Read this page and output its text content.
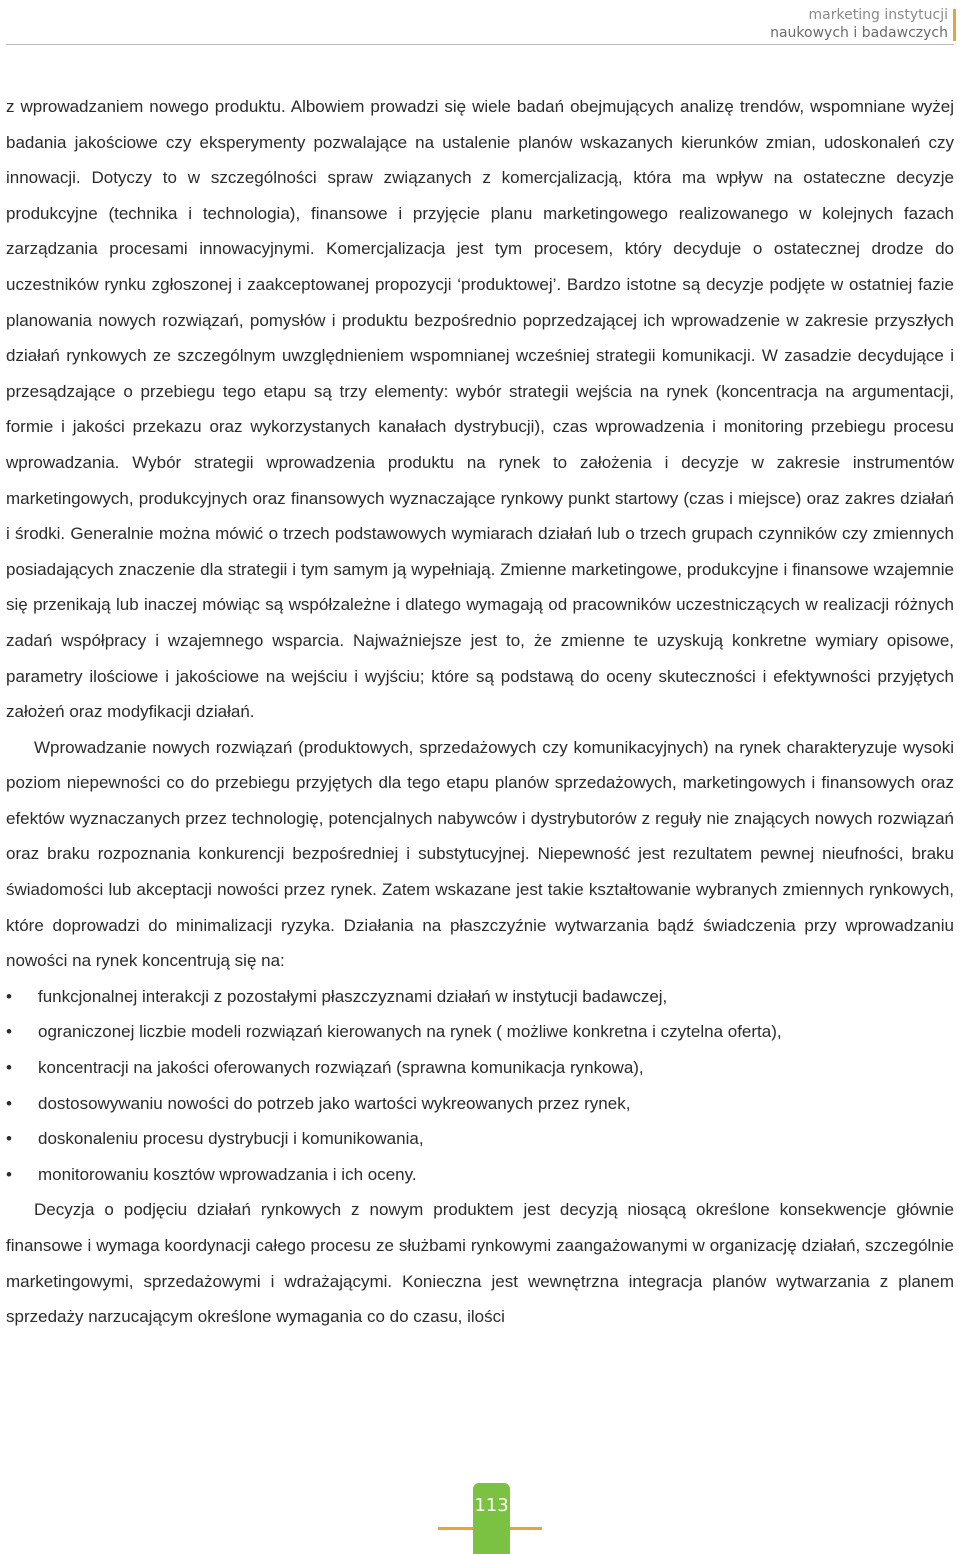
marketing instytucji
naukowych i badawczych

z wprowadzaniem nowego produktu. Albowiem prowadzi się wiele badań obejmujących analizę trendów, wspomniane wyżej badania jakościowe czy eksperymenty pozwalające na ustalenie planów wskazanych kierunków zmian, udoskonaleń czy innowacji. Dotyczy to w szczególności spraw związanych z komercjalizacją, która ma wpływ na ostateczne decyzje produkcyjne (technika i technologia), finansowe i przyjęcie planu marketingowego realizowanego w kolejnych fazach zarządzania procesami innowacyjnymi. Komercjalizacja jest tym procesem, który decyduje o ostatecznej drodze do uczestników rynku zgłoszonej i zaakceptowanej propozycji ‘produktowej’. Bardzo istotne są decyzje podjęte w ostatniej fazie planowania nowych rozwiązań, pomysłów i produktu bezpośrednio poprzedzającej ich wprowadzenie w zakresie przyszłych działań rynkowych ze szczególnym uwzględnieniem wspomnianej wcześniej strategii komunikacji. W zasadzie decydujące i przesądzające o przebiegu tego etapu są trzy elementy: wybór strategii wejścia na rynek (koncentracja na argumentacji, formie i jakości przekazu oraz wykorzystanych kanałach dystrybucji), czas wprowadzenia i monitoring przebiegu procesu wprowadzania. Wybór strategii wprowadzenia produktu na rynek to założenia i decyzje w zakresie instrumentów marketingowych, produkcyjnych oraz finansowych wyznaczające rynkowy punkt startowy (czas i miejsce) oraz zakres działań i środki. Generalnie można mówić o trzech podstawowych wymiarach działań lub o trzech grupach czynników czy zmiennych posiadających znaczenie dla strategii i tym samym ją wypełniają. Zmienne marketingowe, produkcyjne i finansowe wzajemnie się przenikają lub inaczej mówiąc są współzależne i dlatego wymagają od pracowników uczestniczących w realizacji różnych zadań współpracy i wzajemnego wsparcia. Najważniejsze jest to, że zmienne te uzyskują konkretne wymiary opisowe, parametry ilościowe i jakościowe na wejściu i wyjściu; które są podstawą do oceny skuteczności i efektywności przyjętych założeń oraz modyfikacji działań.

Wprowadzanie nowych rozwiązań (produktowych, sprzedażowych czy komunikacyjnych) na rynek charakteryzuje wysoki poziom niepewności co do przebiegu przyjętych dla tego etapu planów sprzedażowych, marketingowych i finansowych oraz efektów wyznaczanych przez technologię, potencjalnych nabywców i dystrybutorów z reguły nie znających nowych rozwiązań oraz braku rozpoznania konkurencji bezpośredniej i substytucyjnej. Niepewność jest rezultatem pewnej nieufności, braku świadomości lub akceptacji nowości przez rynek. Zatem wskazane jest takie kształtowanie wybranych zmiennych rynkowych, które doprowadzi do minimalizacji ryzyka. Działania na płaszczyźnie wytwarzania bądź świadczenia przy wprowadzaniu nowości na rynek koncentrują się na:

• funkcjonalnej interakcji z pozostałymi płaszczyznami działań w instytucji badawczej,
• ograniczonej liczbie modeli rozwiązań kierowanych na rynek ( możliwe konkretna i czytelna oferta),
• koncentracji na jakości oferowanych rozwiązań (sprawna komunikacja rynkowa),
• dostosowywaniu nowości do potrzeb jako wartości wykreowanych przez rynek,
• doskonaleniu procesu dystrybucji i komunikowania,
• monitorowaniu kosztów wprowadzania i ich oceny.

Decyzja o podjęciu działań rynkowych z nowym produktem jest decyzją niosącą określone konsekwencje głównie finansowe i wymaga koordynacji całego procesu ze służbami rynkowymi zaangażowanymi w organizację działań, szczególnie marketingowymi, sprzedażowymi i wdrażającymi. Konieczna jest wewnętrzna integracja planów wytwarzania z planem sprzedaży narzucającym określone wymagania co do czasu, ilości

113
